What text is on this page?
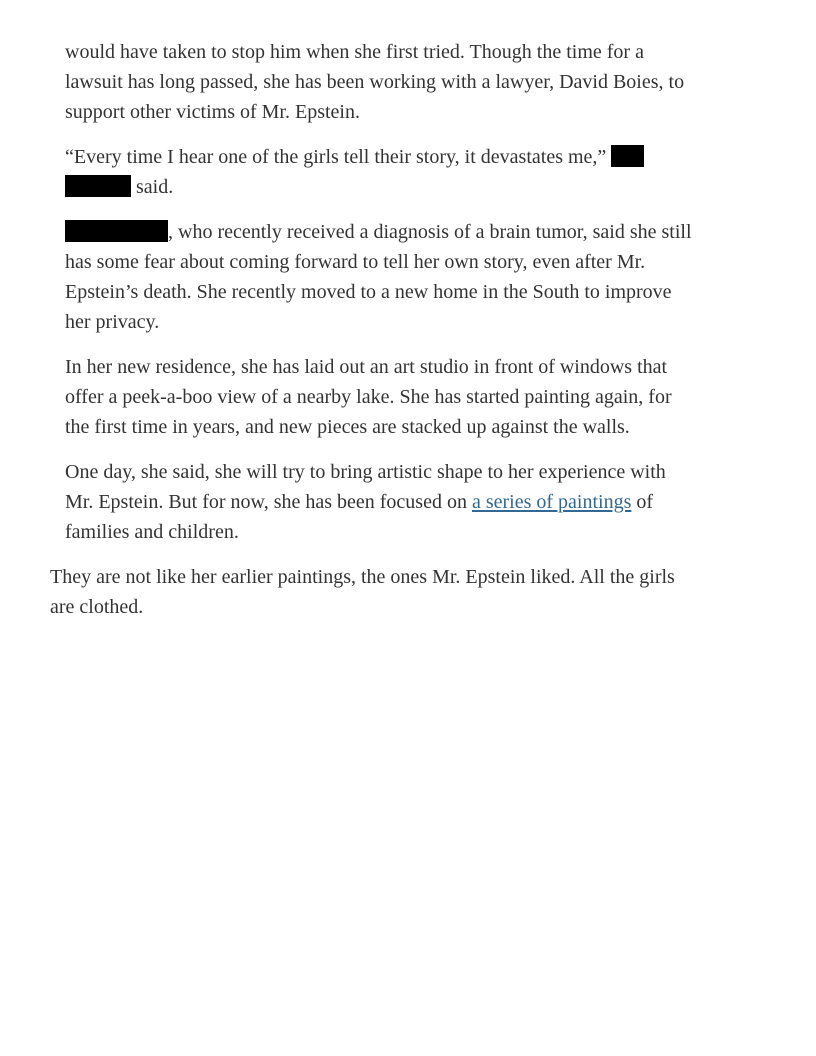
would have taken to stop him when she first tried. Though the time for a
lawsuit has long passed, she has been working with a lawyer, David Boies, to
support other victims of Mr. Epstein.

“Every time I hear one of the girls tell their story, it devastates me,”
said.

, who recently received a diagnosis of a brain tumor, said she still
has some fear about coming forward to tell her own story, even after Mr.
Epstein’s death. She recently moved to a new home in the South to improve
her privacy.

In her new residence, she has laid out an art studio in front of windows that
offer a peek-a-boo view of a nearby lake. She has started painting again, for
the first time in years, and new pieces are stacked up against the walls.

One day, she said, she will try to bring artistic shape to her experience with
Mr. Epstein. But for now, she has been focused on a series of paintings of
families and children.

They are not like her earlier paintings, the ones Mr. Epstein liked. All the girls
are clothed.
